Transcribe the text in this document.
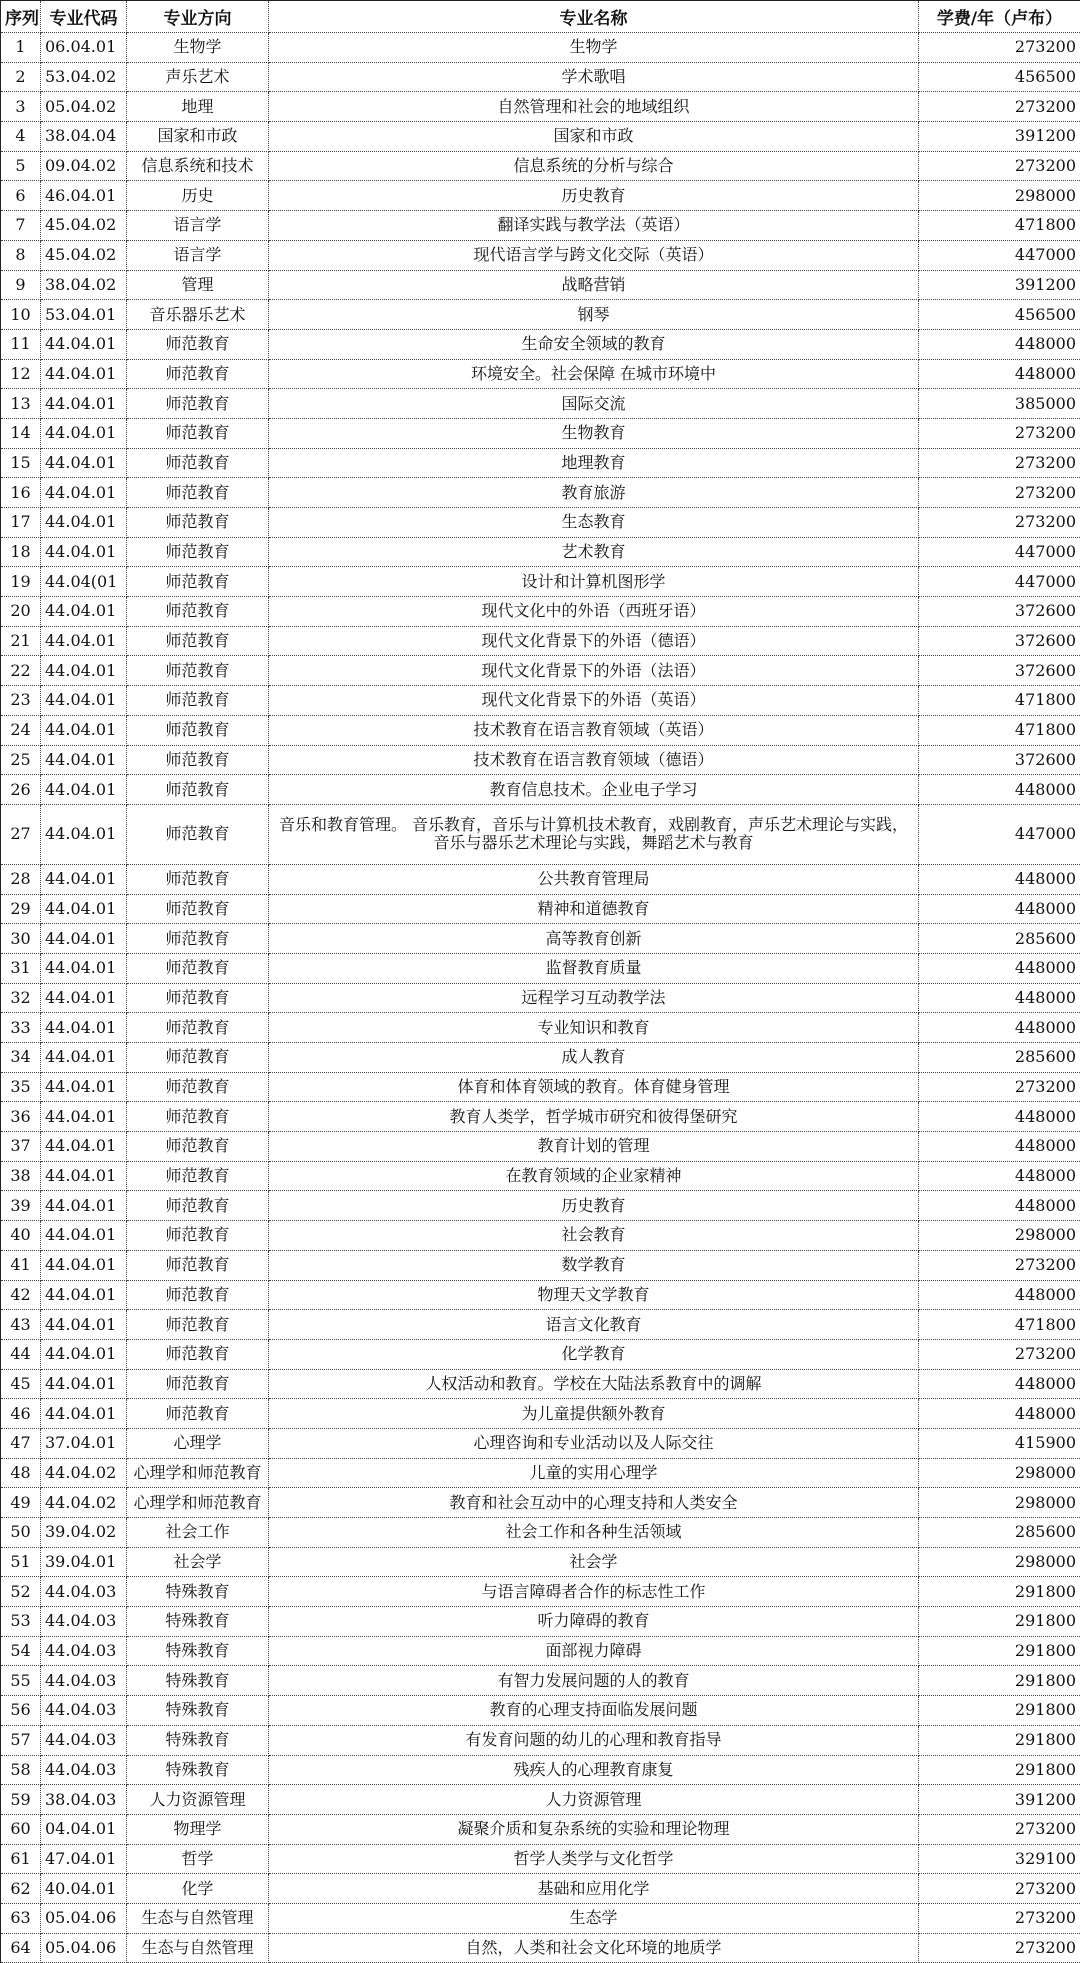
序列	专业代码	专业方向	专业名称	学费/年（卢布）
1	06.04.01	生物学	生物学	273200
2	53.04.02	声乐艺术	学术歌唱	456500
3	05.04.02	地理	自然管理和社会的地域组织	273200
4	38.04.04	国家和市政	国家和市政	391200
5	09.04.02	信息系统和技术	信息系统的分析与综合	273200
6	46.04.01	历史	历史教育	298000
7	45.04.02	语言学	翻译实践与教学法（英语）	471800
8	45.04.02	语言学	现代语言学与跨文化交际（英语）	447000
9	38.04.02	管理	战略营销	391200
10	53.04.01	音乐器乐艺术	钢琴	456500
11	44.04.01	师范教育	生命安全领域的教育	448000
12	44.04.01	师范教育	环境安全。社会保障 在城市环境中	448000
13	44.04.01	师范教育	国际交流	385000
14	44.04.01	师范教育	生物教育	273200
15	44.04.01	师范教育	地理教育	273200
16	44.04.01	师范教育	教育旅游	273200
17	44.04.01	师范教育	生态教育	273200
18	44.04.01	师范教育	艺术教育	447000
19	44.04(01	师范教育	设计和计算机图形学	447000
20	44.04.01	师范教育	现代文化中的外语（西班牙语）	372600
21	44.04.01	师范教育	现代文化背景下的外语（德语）	372600
22	44.04.01	师范教育	现代文化背景下的外语（法语）	372600
23	44.04.01	师范教育	现代文化背景下的外语（英语）	471800
24	44.04.01	师范教育	技术教育在语言教育领域（英语）	471800
25	44.04.01	师范教育	技术教育在语言教育领域（德语）	372600
26	44.04.01	师范教育	教育信息技术。企业电子学习	448000
27	44.04.01	师范教育	音乐和教育管理。 音乐教育，音乐与计算机技术教育，戏剧教育，声乐艺术理论与实践，音乐与器乐艺术理论与实践，舞蹈艺术与教育	447000
28	44.04.01	师范教育	公共教育管理局	448000
29	44.04.01	师范教育	精神和道德教育	448000
30	44.04.01	师范教育	高等教育创新	285600
31	44.04.01	师范教育	监督教育质量	448000
32	44.04.01	师范教育	远程学习互动教学法	448000
33	44.04.01	师范教育	专业知识和教育	448000
34	44.04.01	师范教育	成人教育	285600
35	44.04.01	师范教育	体育和体育领域的教育。体育健身管理	273200
36	44.04.01	师范教育	教育人类学，哲学城市研究和彼得堡研究	448000
37	44.04.01	师范教育	教育计划的管理	448000
38	44.04.01	师范教育	在教育领域的企业家精神	448000
39	44.04.01	师范教育	历史教育	448000
40	44.04.01	师范教育	社会教育	298000
41	44.04.01	师范教育	数学教育	273200
42	44.04.01	师范教育	物理天文学教育	448000
43	44.04.01	师范教育	语言文化教育	471800
44	44.04.01	师范教育	化学教育	273200
45	44.04.01	师范教育	人权活动和教育。学校在大陆法系教育中的调解	448000
46	44.04.01	师范教育	为儿童提供额外教育	448000
47	37.04.01	心理学	心理咨询和专业活动以及人际交往	415900
48	44.04.02	心理学和师范教育	儿童的实用心理学	298000
49	44.04.02	心理学和师范教育	教育和社会互动中的心理支持和人类安全	298000
50	39.04.02	社会工作	社会工作和各种生活领域	285600
51	39.04.01	社会学	社会学	298000
52	44.04.03	特殊教育	与语言障碍者合作的标志性工作	291800
53	44.04.03	特殊教育	听力障碍的教育	291800
54	44.04.03	特殊教育	面部视力障碍	291800
55	44.04.03	特殊教育	有智力发展问题的人的教育	291800
56	44.04.03	特殊教育	教育的心理支持面临发展问题	291800
57	44.04.03	特殊教育	有发育问题的幼儿的心理和教育指导	291800
58	44.04.03	特殊教育	残疾人的心理教育康复	291800
59	38.04.03	人力资源管理	人力资源管理	391200
60	04.04.01	物理学	凝聚介质和复杂系统的实验和理论物理	273200
61	47.04.01	哲学	哲学人类学与文化哲学	329100
62	40.04.01	化学	基础和应用化学	273200
63	05.04.06	生态与自然管理	生态学	273200
64	05.04.06	生态与自然管理	自然，人类和社会文化环境的地质学	273200
